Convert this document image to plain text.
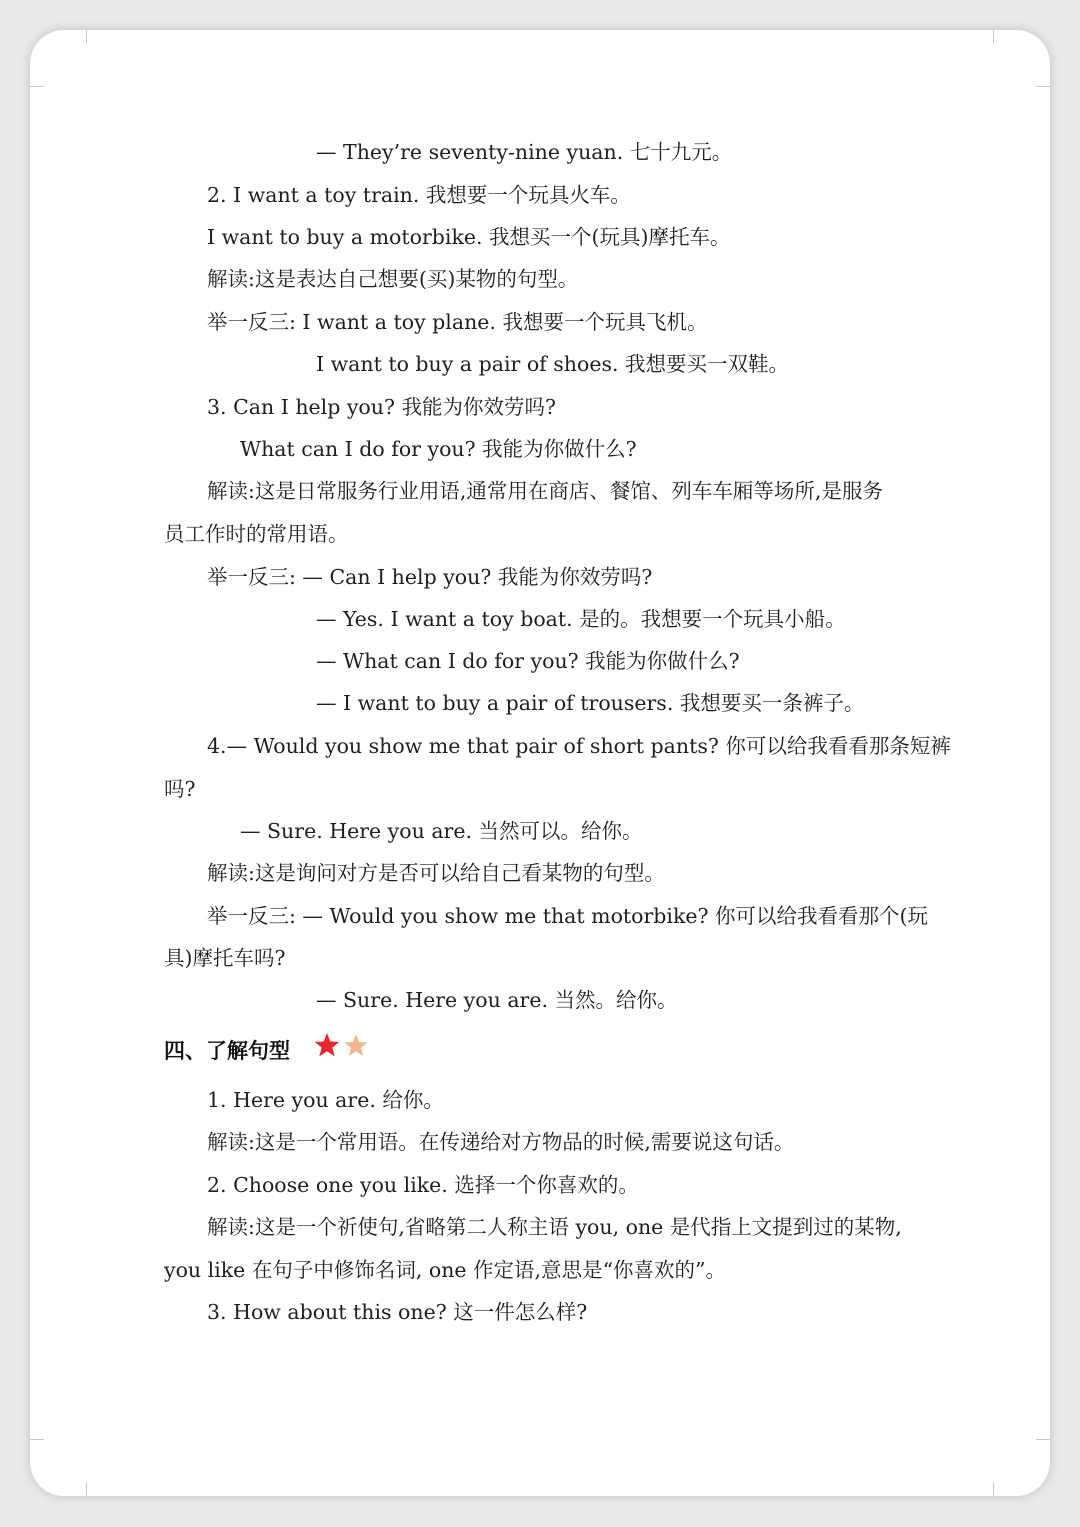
— They’re seventy-nine yuan. 七十九元。
2. I want a toy train. 我想要一个玩具火车。
I want to buy a motorbike. 我想买一个(玩具)摩托车。
解读:这是表达自己想要(买)某物的句型。
举一反三: I want a toy plane. 我想要一个玩具飞机。
I want to buy a pair of shoes. 我想要买一双鞋。
3. Can I help you? 我能为你效劳吗?
What can I do for you? 我能为你做什么?
解读:这是日常服务行业用语,通常用在商店、餐馆、列车车厢等场所,是服务
员工作时的常用语。
举一反三: — Can I help you? 我能为你效劳吗?
— Yes. I want a toy boat. 是的。我想要一个玩具小船。
— What can I do for you? 我能为你做什么?
— I want to buy a pair of trousers. 我想要买一条裤子。
4.— Would you show me that pair of short pants? 你可以给我看看那条短裤
吗?
— Sure. Here you are. 当然可以。给你。
解读:这是询问对方是否可以给自己看某物的句型。
举一反三: — Would you show me that motorbike? 你可以给我看看那个(玩
具)摩托车吗?
— Sure. Here you are. 当然。给你。
四、了解句型
1. Here you are. 给你。
解读:这是一个常用语。在传递给对方物品的时候,需要说这句话。
2. Choose one you like. 选择一个你喜欢的。
解读:这是一个祈使句,省略第二人称主语 you, one 是代指上文提到过的某物,
you like 在句子中修饰名词, one 作定语,意思是“你喜欢的”。
3. How about this one? 这一件怎么样?
